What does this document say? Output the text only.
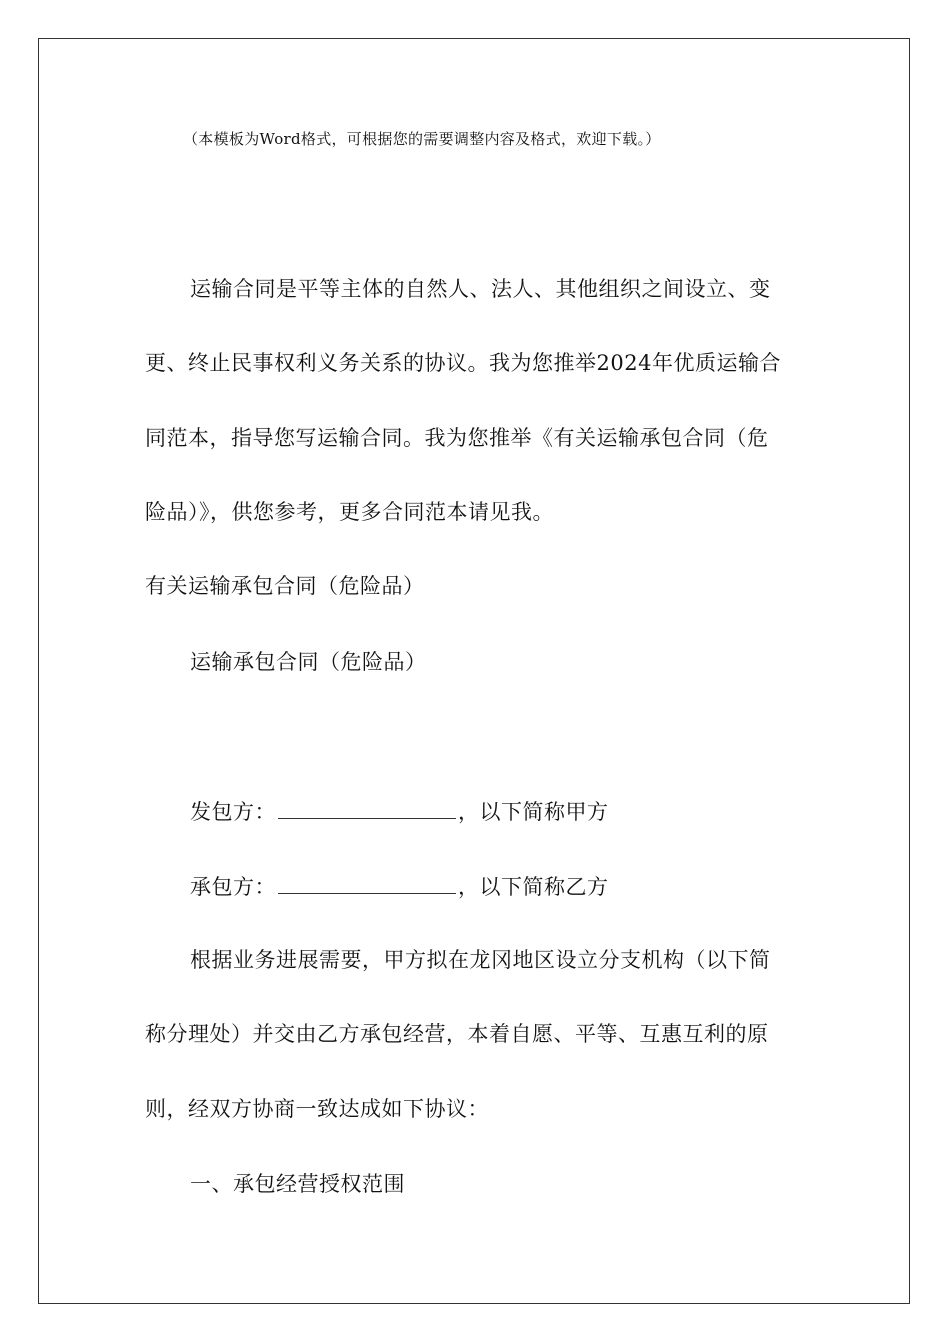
（本模板为Word格式，可根据您的需要调整内容及格式，欢迎下载。）
运输合同是平等主体的自然人、法人、其他组织之间设立、变
更、终止民事权利义务关系的协议。我为您推举2024年优质运输合
同范本，指导您写运输合同。我为您推举《有关运输承包合同（危
险品）》，供您参考，更多合同范本请见我。
有关运输承包合同（危险品）
运输承包合同（危险品）
发包方：	，以下简称甲方
承包方：	，以下简称乙方
根据业务进展需要，甲方拟在龙冈地区设立分支机构（以下简
称分理处）并交由乙方承包经营，本着自愿、平等、互惠互利的原
则，经双方协商一致达成如下协议：
一、承包经营授权范围
